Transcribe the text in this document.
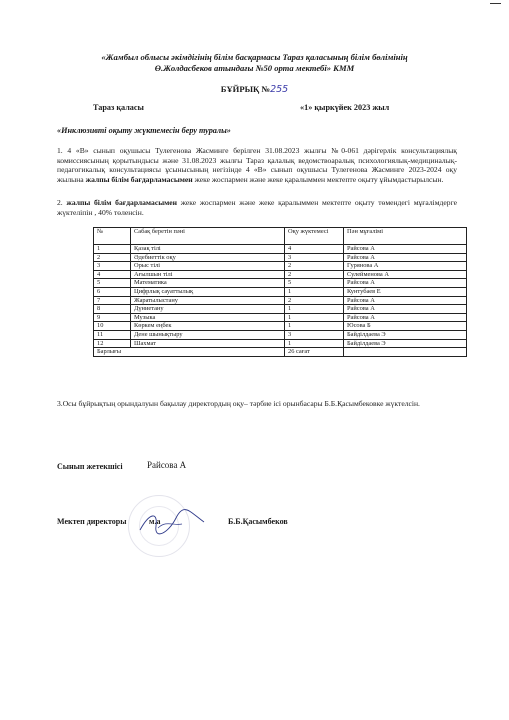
«Жамбыл облысы әкімдігінің білім басқармасы Тараз қаласының білім бөлімінің
Ө.Жолдасбеков атындағы №50 орта мектебі» КММ
БҰЙРЫҚ №255
Тараз қаласы	«1» қыркүйек 2023 жыл
«Инклюзивті оқыту жүктемесін беру туралы»
1. 4 «В» сынып оқушысы Тулегенова Жасминге берілген 31.08.2023 жылғы №0-061 дәрігерлік консультациялық комиссиясының қорытындысы және 31.08.2023 жылғы Тараз қалалық ведомствоаралық психологиялық-медициналық-педагогикалық консультациясы ұсынысының негізінде 4 «В» сынып оқушысы Тулегенова Жасминге 2023-2024 оқу жылына жалпы білім бағдарламасымен жеке жоспармен және жеке қаралыммен мектепте оқыту ұйымдастырылсын.
2. жалпы білім бағдарламасымен жеке жоспармен және жеке қаралыммен мектепте оқыту төмендегі мұғалімдерге жүктеліпін , 40% төленсін.
№	Сабақ беретін пәні	Оқу жүктемесі	Пән мұғалімі
1	Қазақ тілі	4	Райсова А
2	Әдебиеттік оқу	3	Райсова А
3	Орыс тілі	2	Гурянова А
4	Ағылшын тілі	2	Сулейменова А
5	Математика	5	Райсова А
6	Цифрлық сауаттылық	1	Кунтубаев Е
7	Жаратылыстану	2	Райсова А
8	Дүниетану	1	Райсова А
9	Музыка	1	Райсова А
10	Көркем еңбек	1	Юсова Б
11	Дене шынықтыру	3	Байділдаева Э
12	Шахмат	1	Байділдаева Э
Барлығы		26 сағат	
3.Осы бұйрықтың орындалуын бақылау директордың оқу– тәрбие ісі орынбасары Б.Б.Қасымбековке жүктелсін.
Сынып жетекшісі	Райсова А
Мектеп директоры	м.а	Б.Б.Қасымбеков
